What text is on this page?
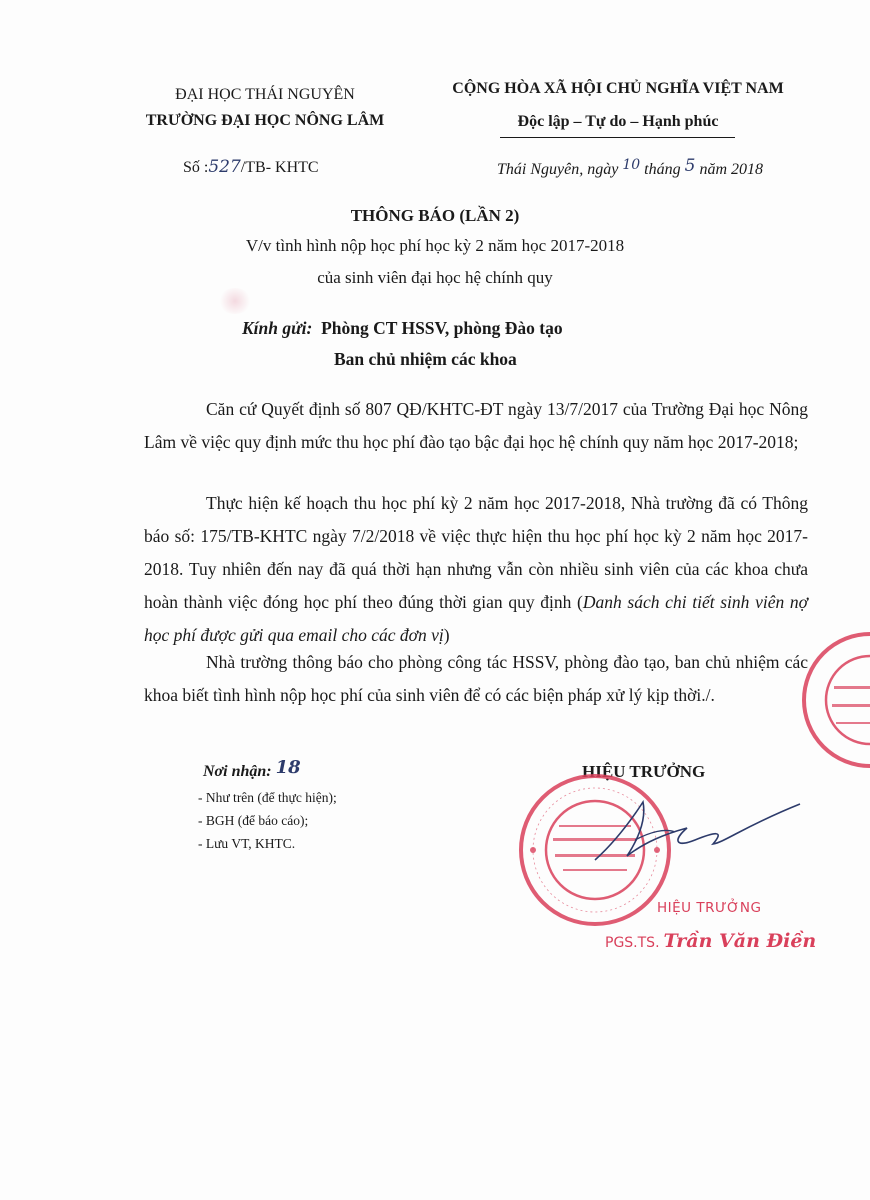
ĐẠI HỌC THÁI NGUYÊN
TRƯỜNG ĐẠI HỌC NÔNG LÂM
Số :527/TB- KHTC
CỘNG HÒA XÃ HỘI CHỦ NGHĨA VIỆT NAM
Độc lập – Tự do – Hạnh phúc
Thái Nguyên, ngày 10 tháng 5 năm 2018
THÔNG BÁO (LẦN 2)
V/v tình hình nộp học phí học kỳ 2 năm học 2017-2018
của sinh viên đại học hệ chính quy
Kính gửi: Phòng CT HSSV, phòng Đào tạo
Ban chủ nhiệm các khoa

Căn cứ Quyết định số 807 QĐ/KHTC-ĐT ngày 13/7/2017 của Trường Đại học Nông Lâm về việc quy định mức thu học phí đào tạo bậc đại học hệ chính quy năm học 2017-2018;

Thực hiện kế hoạch thu học phí kỳ 2 năm học 2017-2018, Nhà trường đã có Thông báo số: 175/TB-KHTC ngày 7/2/2018 về việc thực hiện thu học phí học kỳ 2 năm học 2017-2018. Tuy nhiên đến nay đã quá thời hạn nhưng vẫn còn nhiều sinh viên của các khoa chưa hoàn thành việc đóng học phí theo đúng thời gian quy định (Danh sách chi tiết sinh viên nợ học phí được gửi qua email cho các đơn vị)

Nhà trường thông báo cho phòng công tác HSSV, phòng đào tạo, ban chủ nhiệm các khoa biết tình hình nộp học phí của sinh viên để có các biện pháp xử lý kịp thời./.

Nơi nhận: 18
- Như trên (để thực hiện);
- BGH (để báo cáo);
- Lưu VT, KHTC.
HIỆU TRƯỞNG
HIỆU TRƯỞNG
PGS.TS. Trần Văn Điền
